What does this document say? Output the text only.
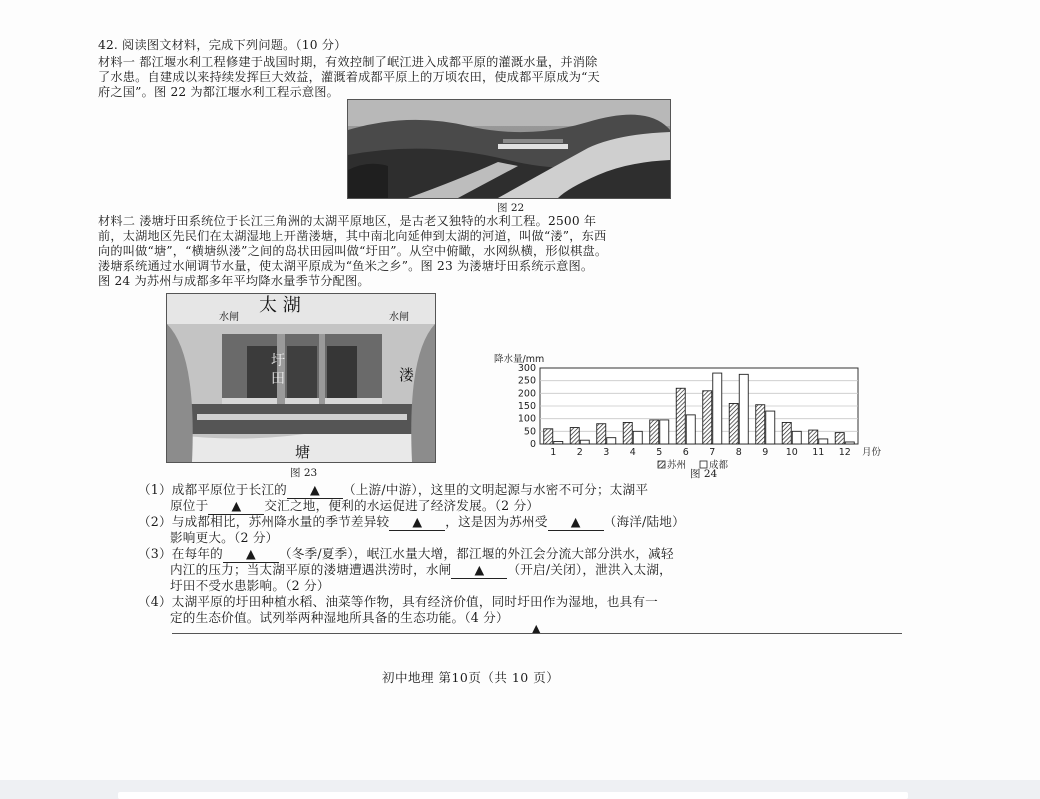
42. 阅读图文材料，完成下列问题。（10 分）
材料一 都江堰水利工程修建于战国时期，有效控制了岷江进入成都平原的灌溉水量，并消除
了水患。自建成以来持续发挥巨大效益，灌溉着成都平原上的万顷农田，使成都平原成为“天
府之国”。图 22 为都江堰水利工程示意图。
图 22
材料二 溇塘圩田系统位于长江三角洲的太湖平原地区，是古老又独特的水利工程。2500 年
前，太湖地区先民们在太湖湿地上开凿溇塘，其中南北向延伸到太湖的河道，叫做“溇”，东西
向的叫做“塘”，“横塘纵溇”之间的岛状田园叫做“圩田”。从空中俯瞰，水网纵横，形似棋盘。
溇塘系统通过水闸调节水量，使太湖平原成为“鱼米之乡”。图 23 为溇塘圩田系统示意图。
图 24 为苏州与成都多年平均降水量季节分配图。
太 湖
水闸	水闸
圩田	溇
塘
图 23
0
50
100
150
200
250
300
降水量/mm
1 2 3 4 5 6 7 8 9 10 11 12 月份
苏州 成都
图 24
（1）成都平原位于长江的 ▲ （上游/中游），这里的文明起源与水密不可分；太湖平
原位于 ▲ 交汇之地，便利的水运促进了经济发展。（2 分）
（2）与成都相比，苏州降水量的季节差异较 ▲ ，这是因为苏州受 ▲ （海洋/陆地）
影响更大。（2 分）
（3）在每年的 ▲ （冬季/夏季），岷江水量大增，都江堰的外江会分流大部分洪水，减轻
内江的压力；当太湖平原的溇塘遭遇洪涝时，水闸 ▲ （开启/关闭），泄洪入太湖，
圩田不受水患影响。（2 分）
（4）太湖平原的圩田种植水稻、油菜等作物，具有经济价值，同时圩田作为湿地，也具有一
定的生态价值。试列举两种湿地所具备的生态功能。（4 分）
▲
初中地理 第10页（共 10 页）
